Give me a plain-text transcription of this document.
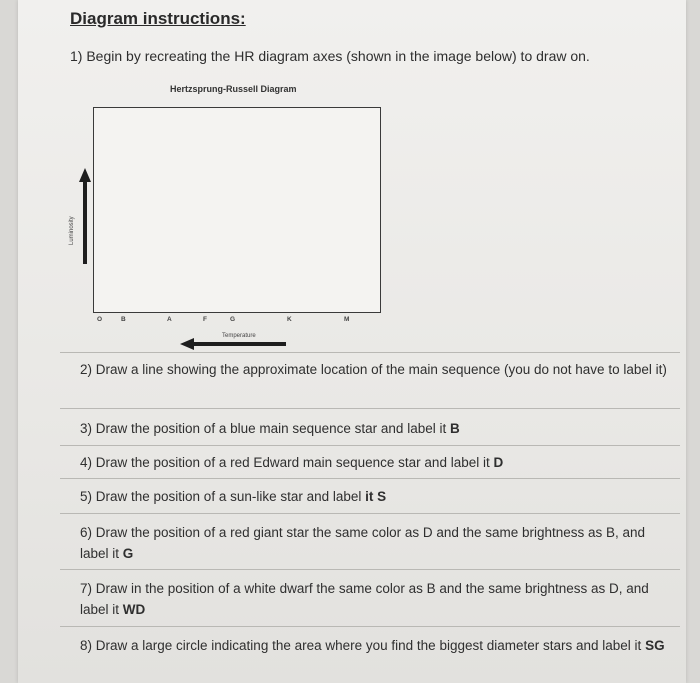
Diagram instructions:
1) Begin by recreating the HR diagram axes (shown in the image below) to draw on.
Hertzsprung-Russell Diagram
Luminosity
O	B	A	F	G	K	M
Temperature
2) Draw a line showing the approximate location of the main sequence (you do not have to label it)
3) Draw the position of a blue main sequence star and label it B
4) Draw the position of a red Edward main sequence star and label it D
5) Draw the position of a sun-like star and label it S
6) Draw the position of a red giant star the same color as D and the same brightness as B, and label it G
7) Draw in the position of a white dwarf the same color as B and the same brightness as D, and label it WD
8) Draw a large circle indicating the area where you find the biggest diameter stars and label it SG
